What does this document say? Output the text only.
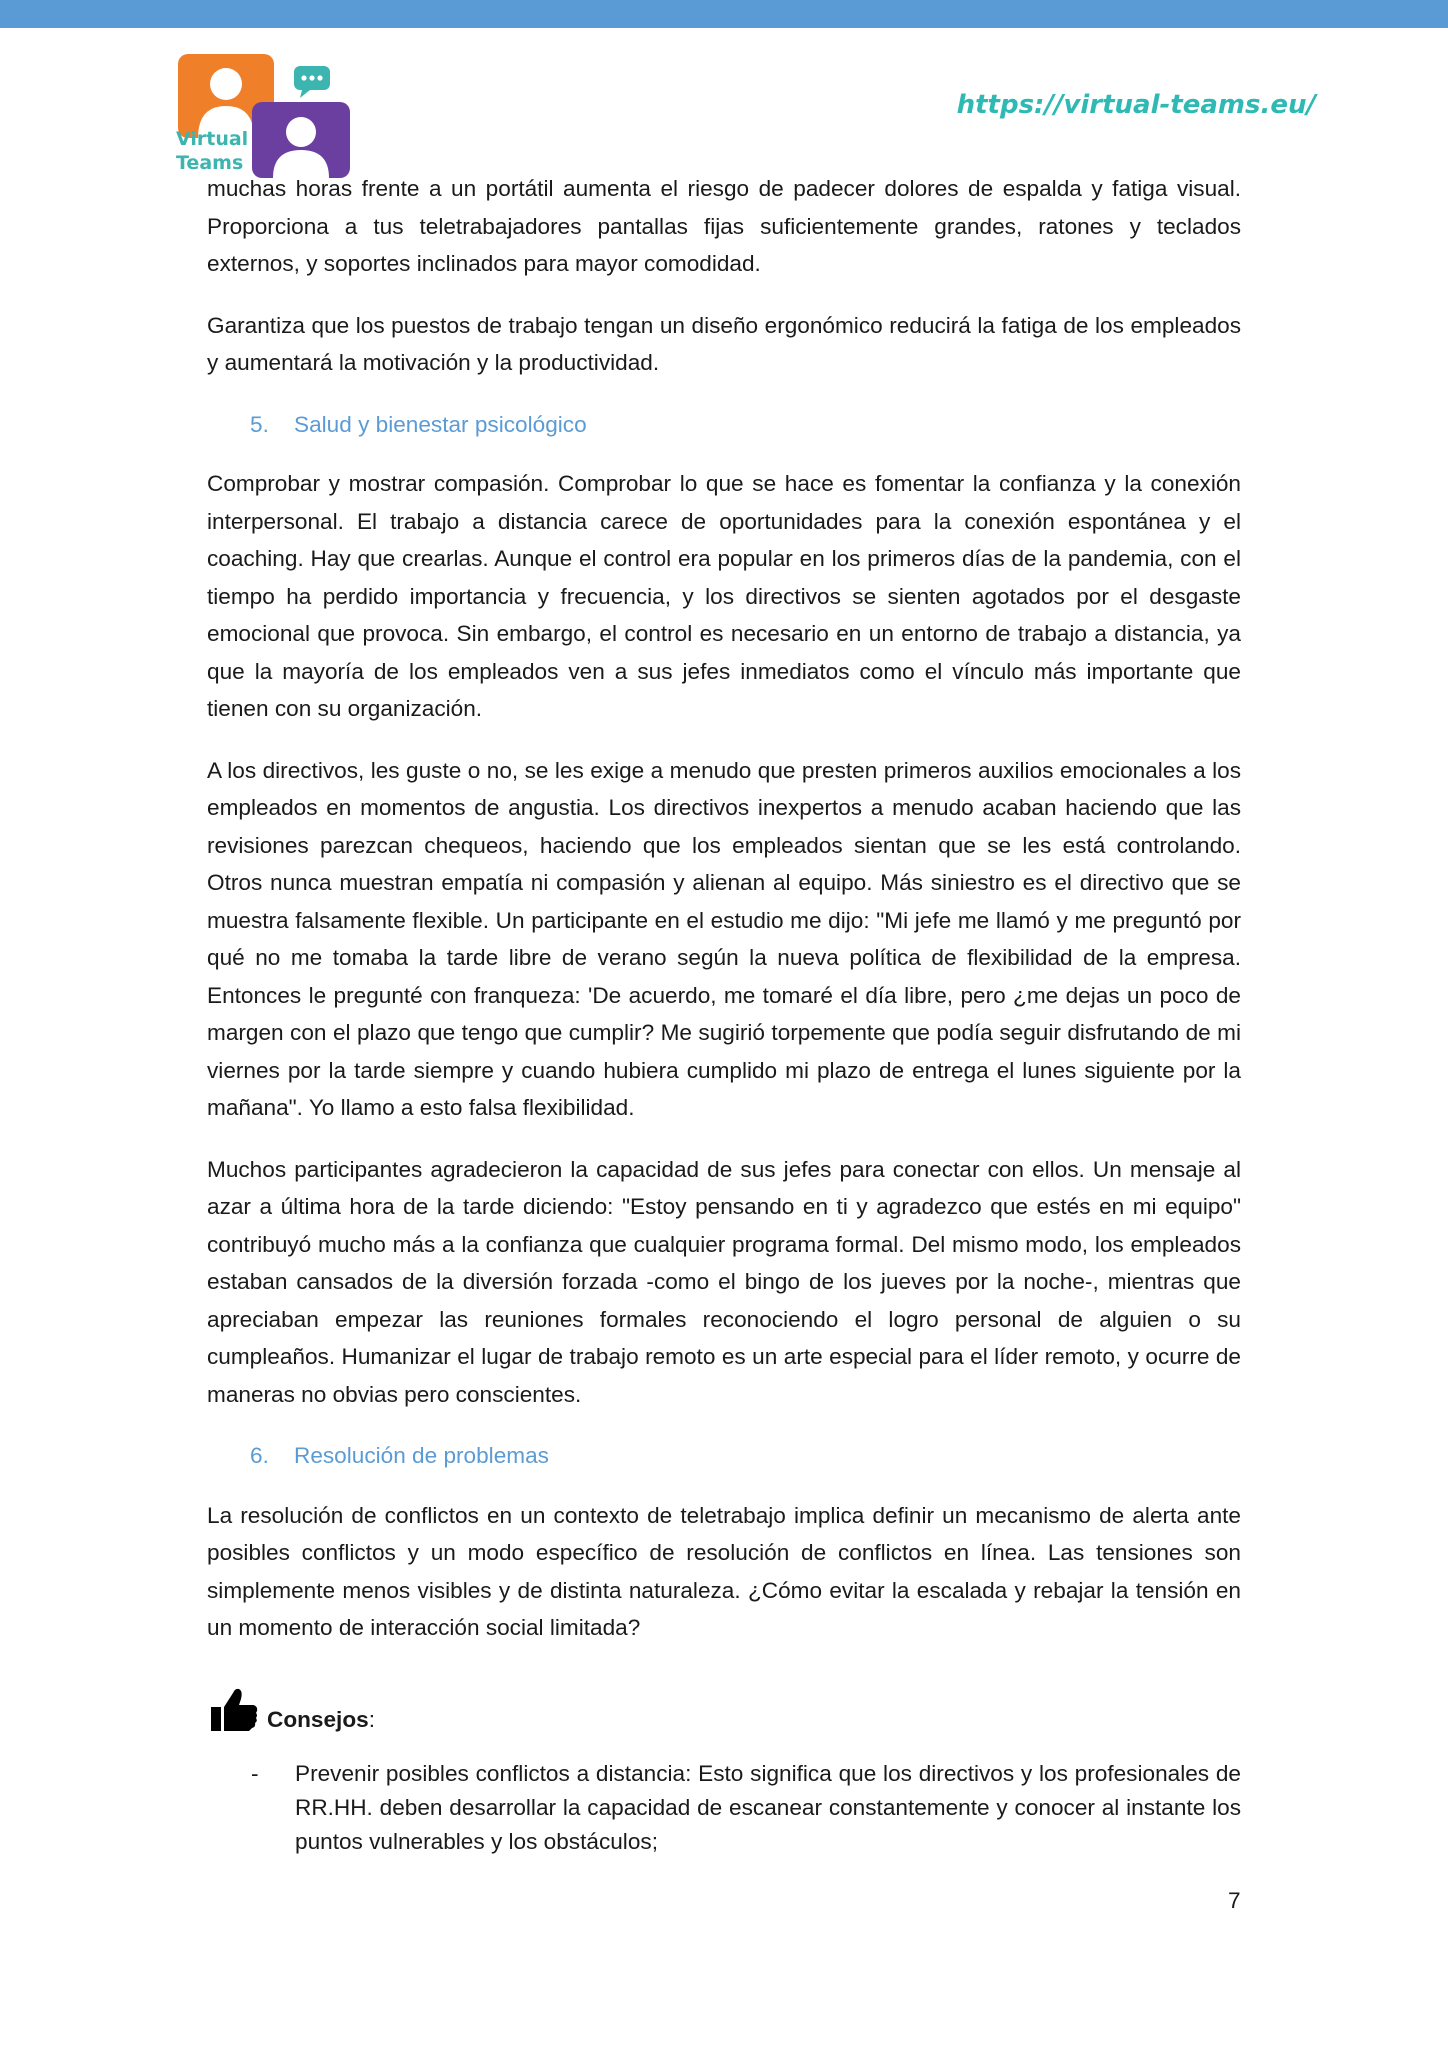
Virtual
Teams
https://virtual-teams.eu/

muchas horas frente a un portátil aumenta el riesgo de padecer dolores de espalda y fatiga visual. Proporciona a tus teletrabajadores pantallas fijas suficientemente grandes, ratones y teclados externos, y soportes inclinados para mayor comodidad.

Garantiza que los puestos de trabajo tengan un diseño ergonómico reducirá la fatiga de los empleados y aumentará la motivación y la productividad.

5. Salud y bienestar psicológico

Comprobar y mostrar compasión. Comprobar lo que se hace es fomentar la confianza y la conexión interpersonal. El trabajo a distancia carece de oportunidades para la conexión espontánea y el coaching. Hay que crearlas. Aunque el control era popular en los primeros días de la pandemia, con el tiempo ha perdido importancia y frecuencia, y los directivos se sienten agotados por el desgaste emocional que provoca. Sin embargo, el control es necesario en un entorno de trabajo a distancia, ya que la mayoría de los empleados ven a sus jefes inmediatos como el vínculo más importante que tienen con su organización.

A los directivos, les guste o no, se les exige a menudo que presten primeros auxilios emocionales a los empleados en momentos de angustia. Los directivos inexpertos a menudo acaban haciendo que las revisiones parezcan chequeos, haciendo que los empleados sientan que se les está controlando. Otros nunca muestran empatía ni compasión y alienan al equipo. Más siniestro es el directivo que se muestra falsamente flexible. Un participante en el estudio me dijo: "Mi jefe me llamó y me preguntó por qué no me tomaba la tarde libre de verano según la nueva política de flexibilidad de la empresa. Entonces le pregunté con franqueza: 'De acuerdo, me tomaré el día libre, pero ¿me dejas un poco de margen con el plazo que tengo que cumplir? Me sugirió torpemente que podía seguir disfrutando de mi viernes por la tarde siempre y cuando hubiera cumplido mi plazo de entrega el lunes siguiente por la mañana". Yo llamo a esto falsa flexibilidad.

Muchos participantes agradecieron la capacidad de sus jefes para conectar con ellos. Un mensaje al azar a última hora de la tarde diciendo: "Estoy pensando en ti y agradezco que estés en mi equipo" contribuyó mucho más a la confianza que cualquier programa formal. Del mismo modo, los empleados estaban cansados de la diversión forzada -como el bingo de los jueves por la noche-, mientras que apreciaban empezar las reuniones formales reconociendo el logro personal de alguien o su cumpleaños. Humanizar el lugar de trabajo remoto es un arte especial para el líder remoto, y ocurre de maneras no obvias pero conscientes.

6. Resolución de problemas

La resolución de conflictos en un contexto de teletrabajo implica definir un mecanismo de alerta ante posibles conflictos y un modo específico de resolución de conflictos en línea. Las tensiones son simplemente menos visibles y de distinta naturaleza. ¿Cómo evitar la escalada y rebajar la tensión en un momento de interacción social limitada?

Consejos:
-	Prevenir posibles conflictos a distancia: Esto significa que los directivos y los profesionales de RR.HH. deben desarrollar la capacidad de escanear constantemente y conocer al instante los puntos vulnerables y los obstáculos;
7
